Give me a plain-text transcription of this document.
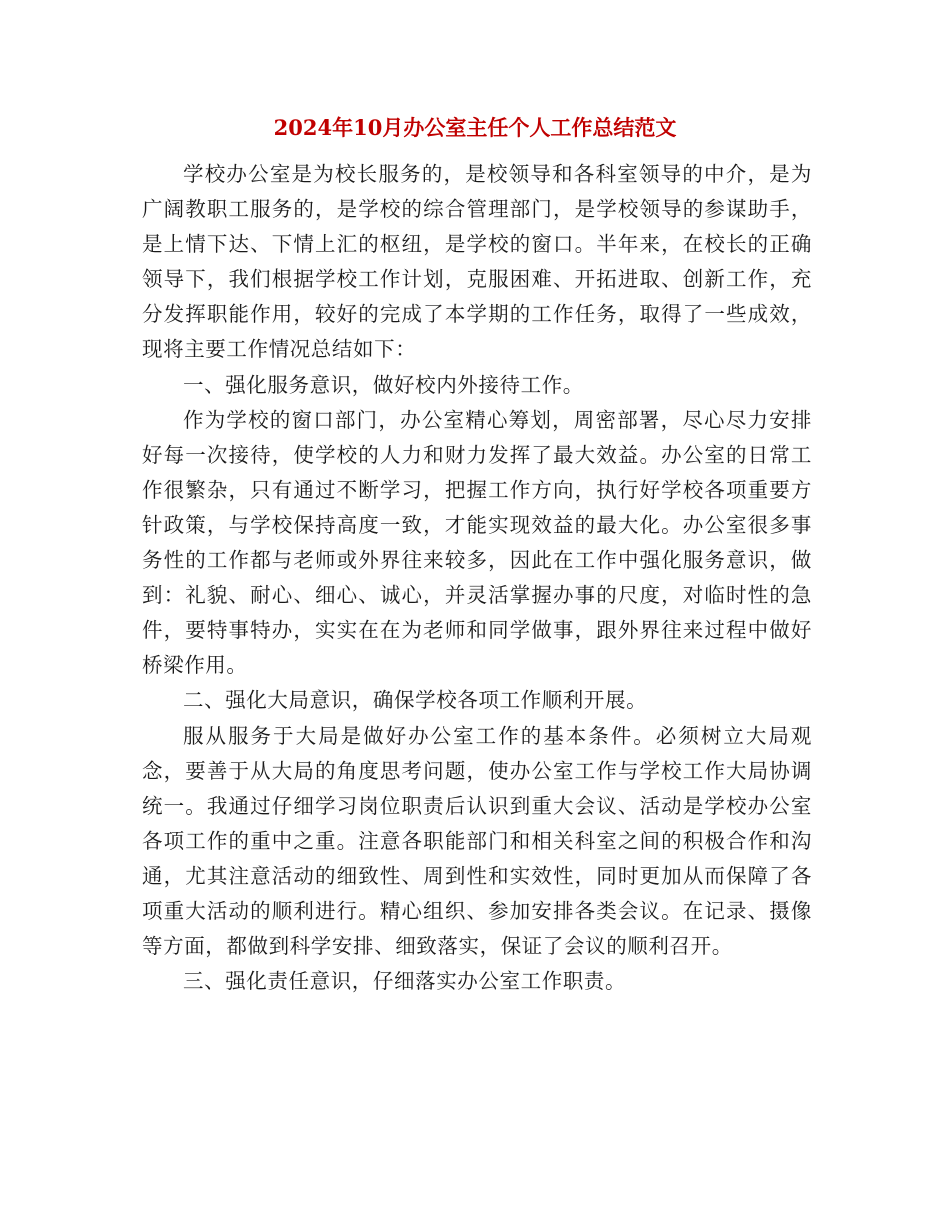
2024年10月办公室主任个人工作总结范文

学校办公室是为校长服务的，是校领导和各科室领导的中介，是为广阔教职工服务的，是学校的综合管理部门，是学校领导的参谋助手，是上情下达、下情上汇的枢纽，是学校的窗口。半年来，在校长的正确领导下，我们根据学校工作计划，克服困难、开拓进取、创新工作，充分发挥职能作用，较好的完成了本学期的工作任务，取得了一些成效，现将主要工作情况总结如下：

一、强化服务意识，做好校内外接待工作。

作为学校的窗口部门，办公室精心筹划，周密部署，尽心尽力安排好每一次接待，使学校的人力和财力发挥了最大效益。办公室的日常工作很繁杂，只有通过不断学习，把握工作方向，执行好学校各项重要方针政策，与学校保持高度一致，才能实现效益的最大化。办公室很多事务性的工作都与老师或外界往来较多，因此在工作中强化服务意识，做到：礼貌、耐心、细心、诚心，并灵活掌握办事的尺度，对临时性的急件，要特事特办，实实在在为老师和同学做事，跟外界往来过程中做好桥梁作用。

二、强化大局意识，确保学校各项工作顺利开展。

服从服务于大局是做好办公室工作的基本条件。必须树立大局观念，要善于从大局的角度思考问题，使办公室工作与学校工作大局协调统一。我通过仔细学习岗位职责后认识到重大会议、活动是学校办公室各项工作的重中之重。注意各职能部门和相关科室之间的积极合作和沟通，尤其注意活动的细致性、周到性和实效性，同时更加从而保障了各项重大活动的顺利进行。精心组织、参加安排各类会议。在记录、摄像等方面，都做到科学安排、细致落实，保证了会议的顺利召开。

三、强化责任意识，仔细落实办公室工作职责。
